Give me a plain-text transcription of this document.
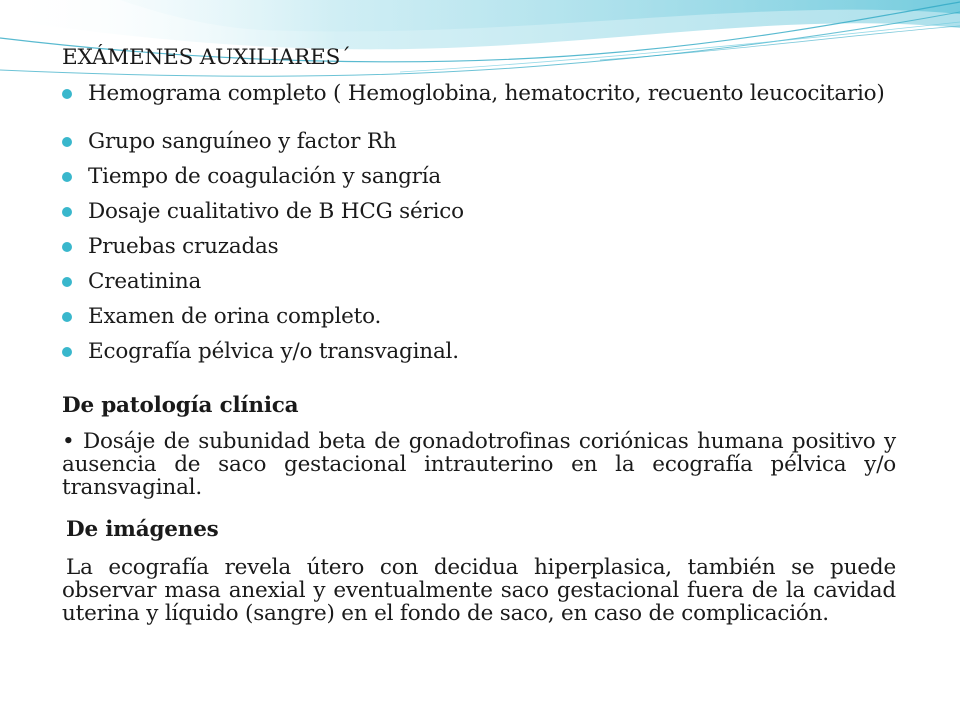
EXÁMENES AUXILIARES´
Hemograma completo ( Hemoglobina, hematocrito, recuento leucocitario)
Grupo sanguíneo y factor Rh
Tiempo de coagulación y sangría
Dosaje cualitativo de B HCG sérico
Pruebas cruzadas
Creatinina
Examen de orina completo.
Ecografía pélvica y/o transvaginal.
De patología clínica
• Dosáje de subunidad beta de gonadotrofinas coriónicas humana positivo y ausencia de saco gestacional intrauterino en la ecografía pélvica y/o transvaginal.
De imágenes
La ecografía revela útero con decidua hiperplasica, también se puede observar masa anexial y eventualmente saco gestacional fuera de la cavidad uterina y líquido (sangre) en el fondo de saco, en caso de complicación.
